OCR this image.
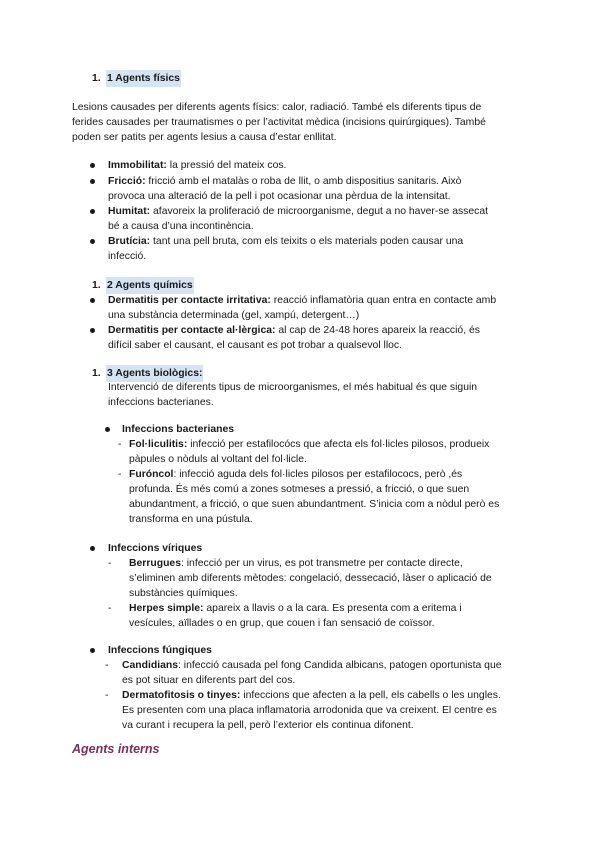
1. 1 Agents físics
Lesions causades per diferents agents físics: calor, radiació. També els diferents tipus de
ferides causades per traumatismes o per l’activitat mèdica (incisions quirúrgiques). També
poden ser patits per agents lesius a causa d’estar enllitat.
Immobilitat: la pressió del mateix cos.
Fricció: fricció amb el matalàs o roba de llit, o amb dispositius sanitaris. Això
provoca una alteració de la pell i pot ocasionar una pèrdua de la intensitat.
Humitat: afavoreix la proliferació de microorganisme, degut a no haver-se assecat
bé a causa d’una incontinència.
Brutícia: tant una pell bruta, com els teixits o els materials poden causar una
infecció.
1. 2 Agents químics
Dermatitis per contacte irritativa: reacció inflamatòria quan entra en contacte amb
una substància determinada (gel, xampú, detergent…)
Dermatitis per contacte al·lèrgica: al cap de 24-48 hores apareix la reacció, és
difícil saber el causant, el causant es pot trobar a qualsevol lloc.
1. 3 Agents biològics:
Intervenció de diferents tipus de microorganismes, el més habitual és que siguin
infeccions bacterianes.
Infeccions bacterianes
- Fol·liculitis: infecció per estafilocócs que afecta els fol·licles pilosos, produeix
pàpules o nòduls al voltant del fol·licle.
- Furóncol: infecció aguda dels fol·licles pilosos per estafilococs, però ,és
profunda. És més comú a zones sotmeses a pressió, a fricció, o que suen
abundantment, a fricció, o que suen abundantment. S’inicia com a nòdul però es
transforma en una pústula.
Infeccions víriques
- Berrugues: infecció per un virus, es pot transmetre per contacte directe,
s’eliminen amb diferents mètodes: congelació, dessecació, làser o aplicació de
substàncies químiques.
- Herpes simple: apareix a llavis o a la cara. Es presenta com a eritema i
vesícules, aïllades o en grup, que couen i fan sensació de coïssor.
Infeccions fúngiques
- Candidians: infecció causada pel fong Candida albicans, patogen oportunista que
es pot situar en diferents part del cos.
- Dermatofitosis o tinyes: infeccions que afecten a la pell, els cabells o les ungles.
Es presenten com una placa inflamatoria arrodonida que va creixent. El centre es
va curant i recupera la pell, però l’exterior els continua difonent.
Agents interns
